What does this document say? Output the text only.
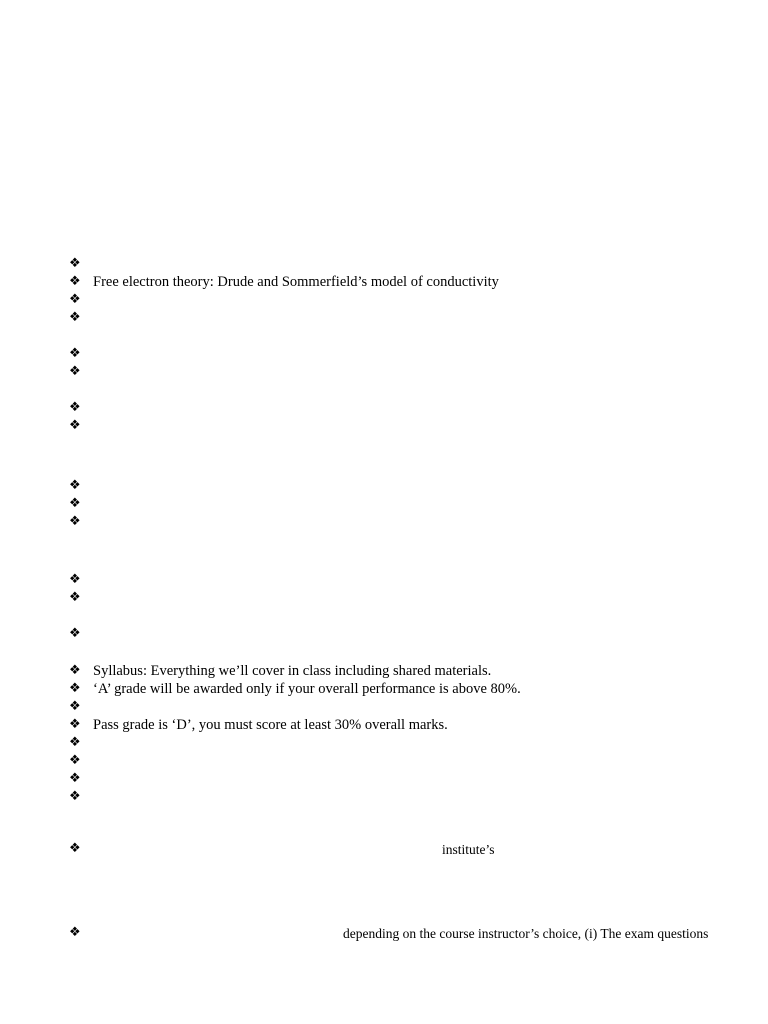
❖
❖ Free electron theory: Drude and Sommerfield’s model of conductivity
❖
❖
❖
❖
❖
❖
❖
❖
❖
❖
❖
❖
❖ Syllabus: Everything we’ll cover in class including shared materials.
❖ ‘A’ grade will be awarded only if your overall performance is above 80%.
❖
❖ Pass grade is ‘D’, you must score at least 30% overall marks.
❖
❖
❖
❖
❖	institute’s
❖	depending on the course instructor’s choice, (i) The exam questions
